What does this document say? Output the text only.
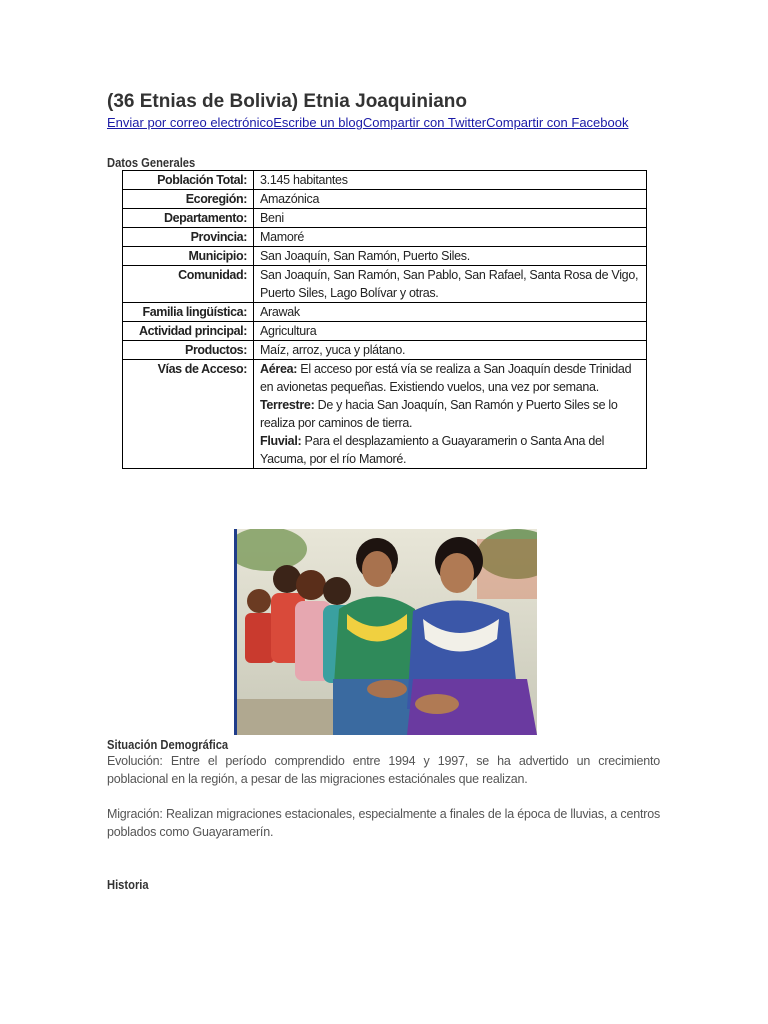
(36 Etnias de Bolivia) Etnia Joaquiniano
Enviar por correo electrónicoEscribe un blogCompartir con TwitterCompartir con Facebook
Datos Generales
Población Total:	3.145 habitantes
Ecoregión:	Amazónica
Departamento:	Beni
Provincia:	Mamoré
Municipio:	San Joaquín, San Ramón, Puerto Siles.
Comunidad:	San Joaquín, San Ramón, San Pablo, San Rafael, Santa Rosa de Vigo, Puerto Siles, Lago Bolívar y otras.
Familia lingüística:	Arawak
Actividad principal:	Agricultura
Productos:	Maíz, arroz, yuca y plátano.
Vías de Acceso:	Aérea: El acceso por está vía se realiza a San Joaquín desde Trinidad en avionetas pequeñas. Existiendo vuelos, una vez por semana.
Terrestre: De y hacia San Joaquín, San Ramón y Puerto Siles se lo realiza por caminos de tierra.
Fluvial: Para el desplazamiento a Guayaramerin o Santa Ana del Yacuma, por el río Mamoré.
Situación Demográfica

Evolución: Entre el período comprendido entre 1994 y 1997, se ha advertido un crecimiento poblacional en la región, a pesar de las migraciones estaciónales que realizan.

Migración: Realizan migraciones estacionales, especialmente a finales de la época de lluvias, a centros poblados como Guayaramerín.

Historia
